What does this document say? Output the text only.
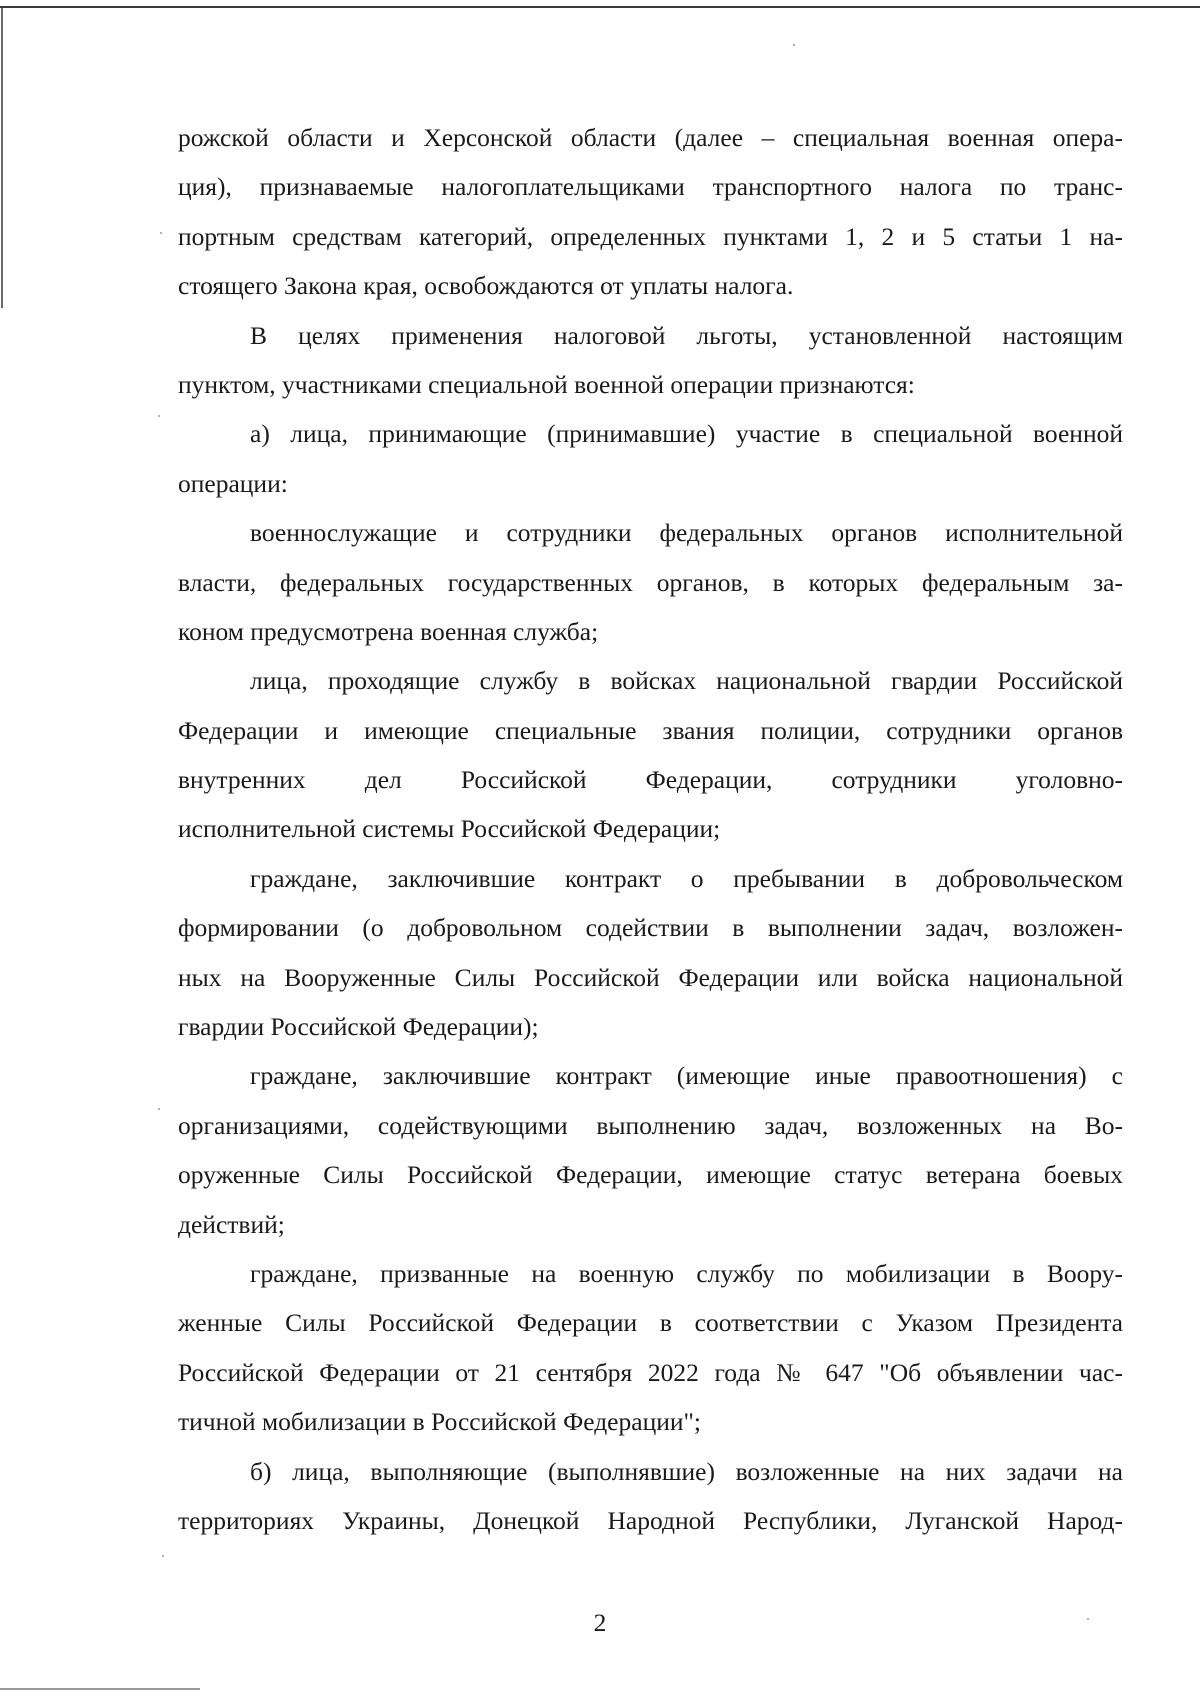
рожской области и Херсонской области (далее – специальная военная опера-
ция), признаваемые налогоплательщиками транспортного налога по транс-
портным средствам категорий, определенных пунктами 1, 2 и 5 статьи 1 на-
стоящего Закона края, освобождаются от уплаты налога.
В целях применения налоговой льготы, установленной настоящим
пунктом, участниками специальной военной операции признаются:
а) лица, принимающие (принимавшие) участие в специальной военной
операции:
военнослужащие и сотрудники федеральных органов исполнительной
власти, федеральных государственных органов, в которых федеральным за-
коном предусмотрена военная служба;
лица, проходящие службу в войсках национальной гвардии Российской
Федерации и имеющие специальные звания полиции, сотрудники органов
внутренних дел Российской Федерации, сотрудники уголовно-
исполнительной системы Российской Федерации;
граждане, заключившие контракт о пребывании в добровольческом
формировании (о добровольном содействии в выполнении задач, возложен-
ных на Вооруженные Силы Российской Федерации или войска национальной
гвардии Российской Федерации);
граждане, заключившие контракт (имеющие иные правоотношения) с
организациями, содействующими выполнению задач, возложенных на Во-
оруженные Силы Российской Федерации, имеющие статус ветерана боевых
действий;
граждане, призванные на военную службу по мобилизации в Воору-
женные Силы Российской Федерации в соответствии с Указом Президента
Российской Федерации от 21 сентября 2022 года № 647 "Об объявлении час-
тичной мобилизации в Российской Федерации";
б) лица, выполняющие (выполнявшие) возложенные на них задачи на
территориях Украины, Донецкой Народной Республики, Луганской Народ-
2
